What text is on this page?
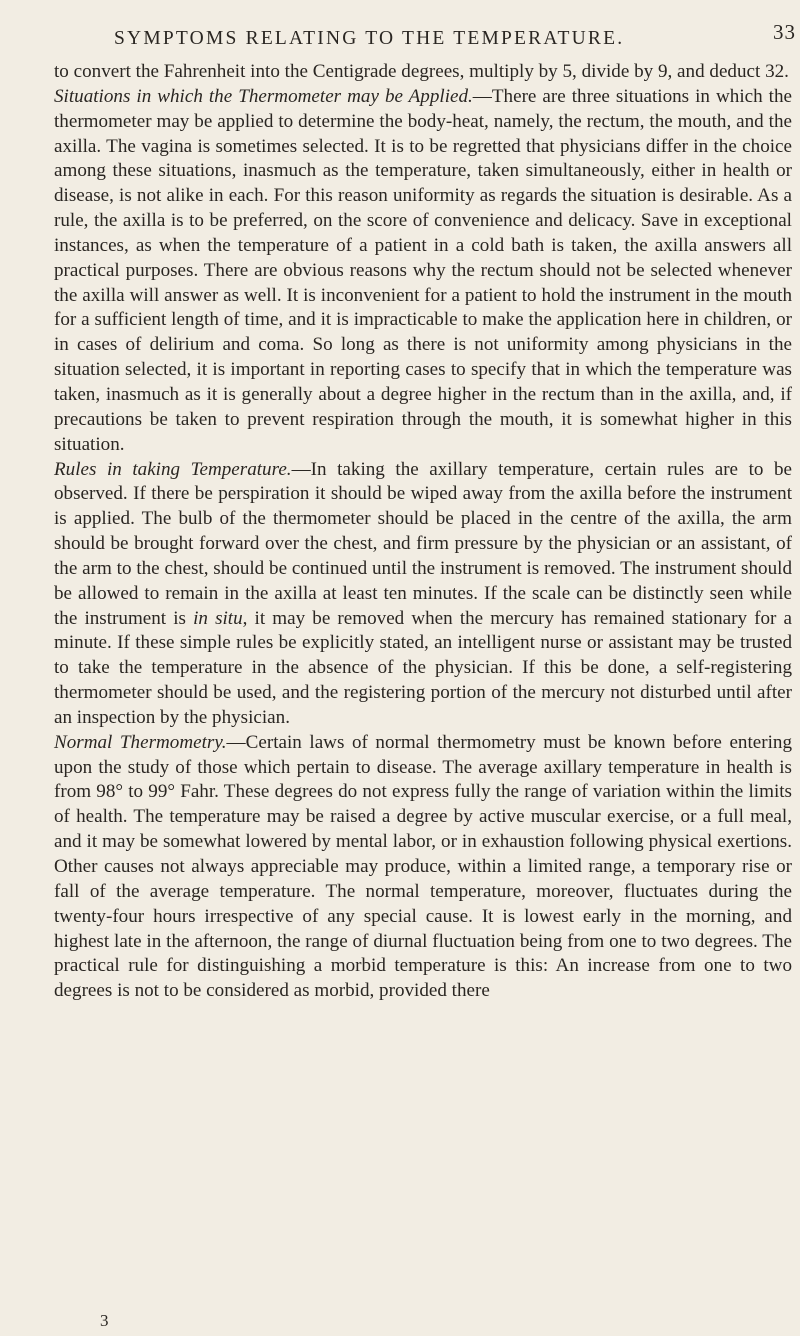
SYMPTOMS RELATING TO THE TEMPERATURE.	33

to convert the Fahrenheit into the Centigrade degrees, multiply by 5, divide by 9, and deduct 32.

Situations in which the Thermometer may be Applied.—There are three situations in which the thermometer may be applied to determine the body-heat, namely, the rectum, the mouth, and the axilla. The vagina is sometimes selected. It is to be regretted that physicians differ in the choice among these situations, inasmuch as the temperature, taken simultaneously, either in health or disease, is not alike in each. For this reason uniformity as regards the situation is desirable. As a rule, the axilla is to be preferred, on the score of convenience and delicacy. Save in exceptional instances, as when the temperature of a patient in a cold bath is taken, the axilla answers all practical purposes. There are obvious reasons why the rectum should not be selected whenever the axilla will answer as well. It is inconvenient for a patient to hold the instrument in the mouth for a sufficient length of time, and it is impracticable to make the application here in children, or in cases of delirium and coma. So long as there is not uniformity among physicians in the situation selected, it is important in reporting cases to specify that in which the temperature was taken, inasmuch as it is generally about a degree higher in the rectum than in the axilla, and, if precautions be taken to prevent respiration through the mouth, it is somewhat higher in this situation.

Rules in taking Temperature.—In taking the axillary temperature, certain rules are to be observed. If there be perspiration it should be wiped away from the axilla before the instrument is applied. The bulb of the thermometer should be placed in the centre of the axilla, the arm should be brought forward over the chest, and firm pressure by the physician or an assistant, of the arm to the chest, should be continued until the instrument is removed. The instrument should be allowed to remain in the axilla at least ten minutes. If the scale can be distinctly seen while the instrument is in situ, it may be removed when the mercury has remained stationary for a minute. If these simple rules be explicitly stated, an intelligent nurse or assistant may be trusted to take the temperature in the absence of the physician. If this be done, a self-registering thermometer should be used, and the registering portion of the mercury not disturbed until after an inspection by the physician.

Normal Thermometry.—Certain laws of normal thermometry must be known before entering upon the study of those which pertain to disease. The average axillary temperature in health is from 98° to 99° Fahr. These degrees do not express fully the range of variation within the limits of health. The temperature may be raised a degree by active muscular exercise, or a full meal, and it may be somewhat lowered by mental labor, or in exhaustion following physical exertions. Other causes not always appreciable may produce, within a limited range, a temporary rise or fall of the average temperature. The normal temperature, moreover, fluctuates during the twenty-four hours irrespective of any special cause. It is lowest early in the morning, and highest late in the afternoon, the range of diurnal fluctuation being from one to two degrees. The practical rule for distinguishing a morbid temperature is this: An increase from one to two degrees is not to be considered as morbid, provided there

3
